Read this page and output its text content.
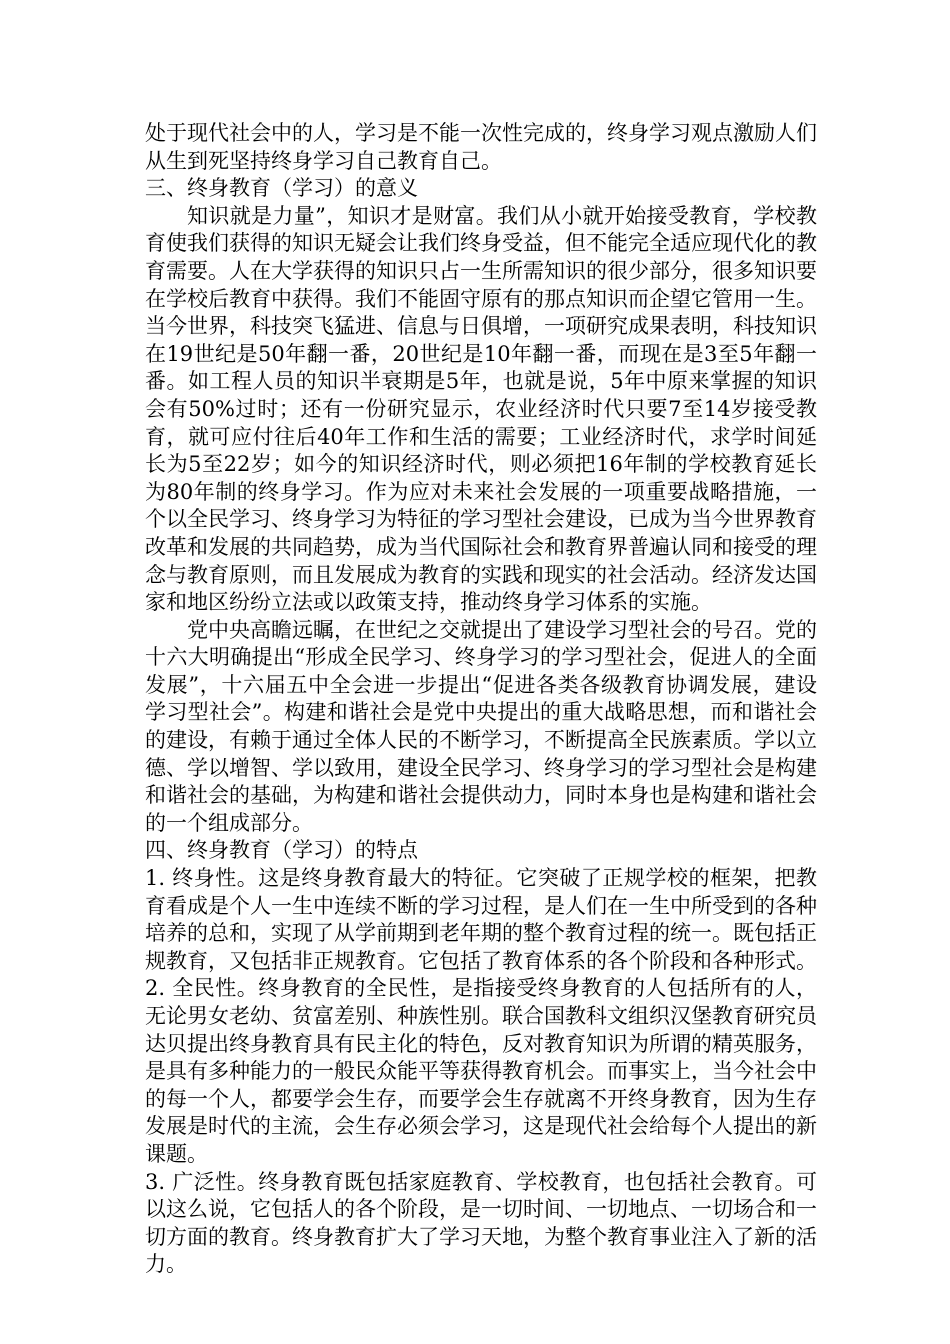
处于现代社会中的人，学习是不能一次性完成的，终身学习观点激励人们从生到死坚持终身学习自己教育自己。

三、终身教育（学习）的意义

知识就是力量”，知识才是财富。我们从小就开始接受教育，学校教育使我们获得的知识无疑会让我们终身受益，但不能完全适应现代化的教育需要。人在大学获得的知识只占一生所需知识的很少部分，很多知识要在学校后教育中获得。我们不能固守原有的那点知识而企望它管用一生。当今世界，科技突飞猛进、信息与日俱增，一项研究成果表明，科技知识在19世纪是50年翻一番，20世纪是10年翻一番，而现在是3至5年翻一番。如工程人员的知识半衰期是5年，也就是说，5年中原来掌握的知识会有50%过时；还有一份研究显示，农业经济时代只要7至14岁接受教育，就可应付往后40年工作和生活的需要；工业经济时代，求学时间延长为5至22岁；如今的知识经济时代，则必须把16年制的学校教育延长为80年制的终身学习。作为应对未来社会发展的一项重要战略措施，一个以全民学习、终身学习为特征的学习型社会建设，已成为当今世界教育改革和发展的共同趋势，成为当代国际社会和教育界普遍认同和接受的理念与教育原则，而且发展成为教育的实践和现实的社会活动。经济发达国家和地区纷纷立法或以政策支持，推动终身学习体系的实施。

党中央高瞻远瞩，在世纪之交就提出了建设学习型社会的号召。党的十六大明确提出“形成全民学习、终身学习的学习型社会，促进人的全面发展”，十六届五中全会进一步提出“促进各类各级教育协调发展，建设学习型社会”。构建和谐社会是党中央提出的重大战略思想，而和谐社会的建设，有赖于通过全体人民的不断学习，不断提高全民族素质。学以立德、学以增智、学以致用，建设全民学习、终身学习的学习型社会是构建和谐社会的基础，为构建和谐社会提供动力，同时本身也是构建和谐社会的一个组成部分。

四、终身教育（学习）的特点

1. 终身性。这是终身教育最大的特征。它突破了正规学校的框架，把教育看成是个人一生中连续不断的学习过程，是人们在一生中所受到的各种培养的总和，实现了从学前期到老年期的整个教育过程的统一。既包括正规教育，又包括非正规教育。它包括了教育体系的各个阶段和各种形式。

2. 全民性。终身教育的全民性，是指接受终身教育的人包括所有的人，无论男女老幼、贫富差别、种族性别。联合国教科文组织汉堡教育研究员达贝提出终身教育具有民主化的特色，反对教育知识为所谓的精英服务，是具有多种能力的一般民众能平等获得教育机会。而事实上，当今社会中的每一个人，都要学会生存，而要学会生存就离不开终身教育，因为生存发展是时代的主流，会生存必须会学习，这是现代社会给每个人提出的新课题。

3. 广泛性。终身教育既包括家庭教育、学校教育，也包括社会教育。可以这么说，它包括人的各个阶段，是一切时间、一切地点、一切场合和一切方面的教育。终身教育扩大了学习天地，为整个教育事业注入了新的活力。
